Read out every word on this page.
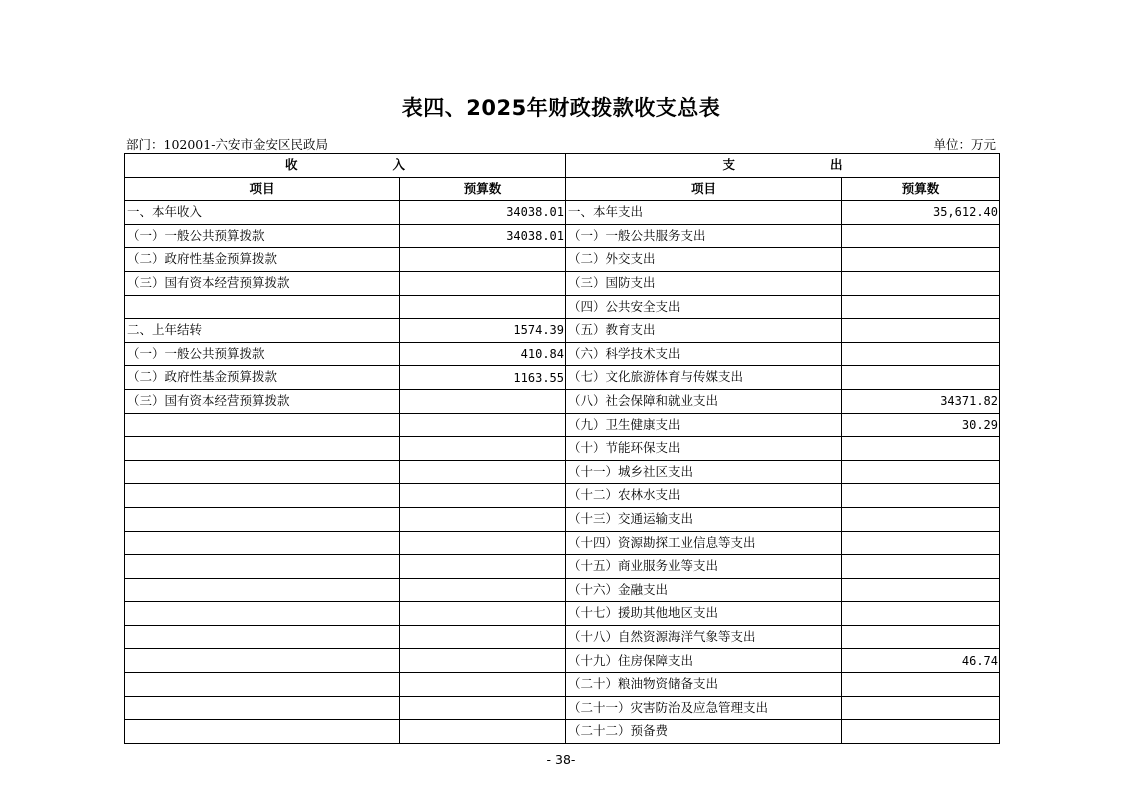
表四、2025年财政拨款收支总表
部门：102001-六安市金安区民政局	单位：万元
收 入		支 出	

项目	预算数	项目	预算数
一、本年收入	34038.01	一、本年支出	35,612.40
（一）一般公共预算拨款	34038.01	（一）一般公共服务支出	
（二）政府性基金预算拨款		（二）外交支出	
（三）国有资本经营预算拨款		（三）国防支出	
		（四）公共安全支出	
二、上年结转	1574.39	（五）教育支出	
（一）一般公共预算拨款	410.84	（六）科学技术支出	
（二）政府性基金预算拨款	1163.55	（七）文化旅游体育与传媒支出	
（三）国有资本经营预算拨款		（八）社会保障和就业支出	34371.82
		（九）卫生健康支出	30.29
		（十）节能环保支出	
		（十一）城乡社区支出	
		（十二）农林水支出	
		（十三）交通运输支出	
		（十四）资源勘探工业信息等支出	
		（十五）商业服务业等支出	
		（十六）金融支出	
		（十七）援助其他地区支出	
		（十八）自然资源海洋气象等支出	
		（十九）住房保障支出	46.74
		（二十）粮油物资储备支出	
		（二十一）灾害防治及应急管理支出	
		（二十二）预备费	
- 38-
